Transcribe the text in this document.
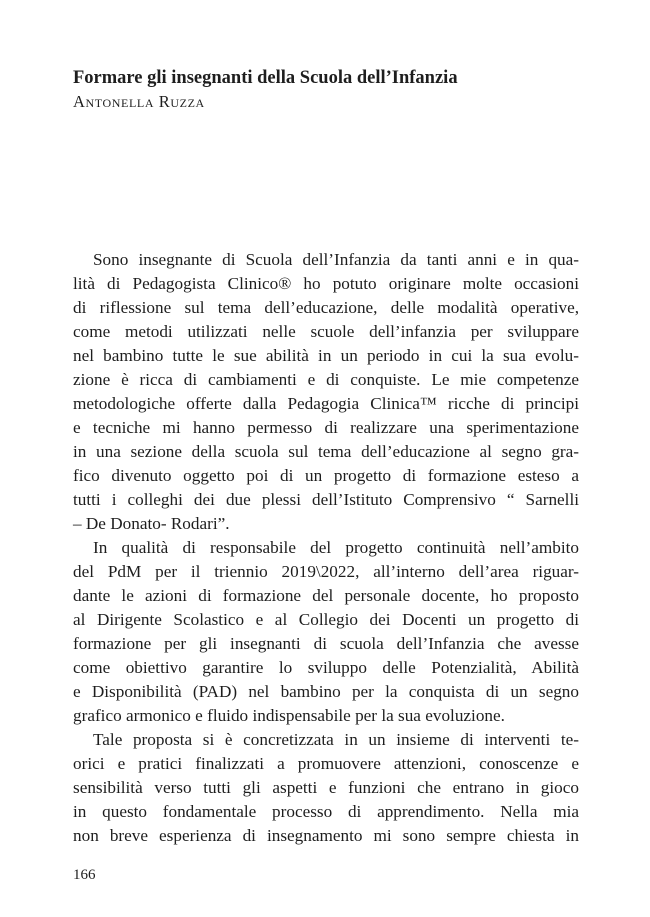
Formare gli insegnanti della Scuola dell’Infanzia
Antonella Ruzza
Sono insegnante di Scuola dell’Infanzia da tanti anni e in qua-
lità di Pedagogista Clinico® ho potuto originare molte occasioni
di riflessione sul tema dell’educazione, delle modalità operative,
come metodi utilizzati nelle scuole dell’infanzia per sviluppare
nel bambino tutte le sue abilità in un periodo in cui la sua evolu-
zione è ricca di cambiamenti e di conquiste. Le mie competenze
metodologiche offerte dalla Pedagogia Clinica™ ricche di principi
e tecniche mi hanno permesso di realizzare una sperimentazione
in una sezione della scuola sul tema dell’educazione al segno gra-
fico divenuto oggetto poi di un progetto di formazione esteso a
tutti i colleghi dei due plessi dell’Istituto Comprensivo “ Sarnelli
– De Donato- Rodari”.
In qualità di responsabile del progetto continuità nell’ambito
del PdM per il triennio 2019\2022, all’interno dell’area riguar-
dante le azioni di formazione del personale docente, ho proposto
al Dirigente Scolastico e al Collegio dei Docenti un progetto di
formazione per gli insegnanti di scuola dell’Infanzia che avesse
come obiettivo garantire lo sviluppo delle Potenzialità, Abilità
e Disponibilità (PAD) nel bambino per la conquista di un segno
grafico armonico e fluido indispensabile per la sua evoluzione.
Tale proposta si è concretizzata in un insieme di interventi te-
orici e pratici finalizzati a promuovere attenzioni, conoscenze e
sensibilità verso tutti gli aspetti e funzioni che entrano in gioco
in questo fondamentale processo di apprendimento. Nella mia
non breve esperienza di insegnamento mi sono sempre chiesta in
166
